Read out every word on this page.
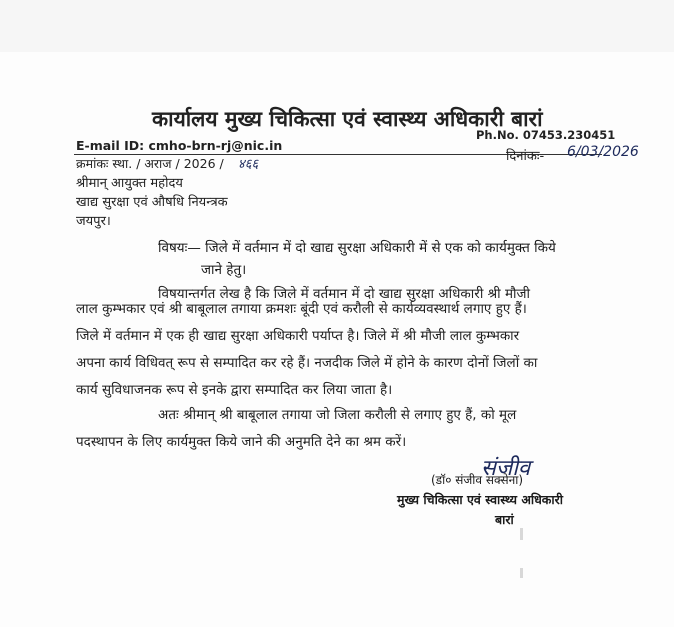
कार्यालय मुख्य चिकित्सा एवं स्वास्थ्य अधिकारी बारां
Ph.No. 07453.230451
E-mail ID: cmho-brn-rj@nic.in
क्रमांकः स्था. / अराज / 2026 / ४६६
दिनांकः- 6/03/2026
श्रीमान् आयुक्त महोदय
खाद्य सुरक्षा एवं औषधि नियन्त्रक
जयपुर।
विषयः— जिले में वर्तमान में दो खाद्य सुरक्षा अधिकारी में से एक को कार्यमुक्त किये
जाने हेतु।
विषयान्तर्गत लेख है कि जिले में वर्तमान में दो खाद्य सुरक्षा अधिकारी श्री मौजी
लाल कुम्भकार एवं श्री बाबूलाल तगाया क्रमशः बूंदी एवं करौली से कार्यव्यवस्थार्थ लगाए हुए हैं।
जिले में वर्तमान में एक ही खाद्य सुरक्षा अधिकारी पर्याप्त है। जिले में श्री मौजी लाल कुम्भकार
अपना कार्य विधिवत् रूप से सम्पादित कर रहे हैं। नजदीक जिले में होने के कारण दोनों जिलों का
कार्य सुविधाजनक रूप से इनके द्वारा सम्पादित कर लिया जाता है।
अतः श्रीमान् श्री बाबूलाल तगाया जो जिला करौली से लगाए हुए हैं, को मूल
पदस्थापन के लिए कार्यमुक्त किये जाने की अनुमति देने का श्रम करें।
संजीव
(डॉ० संजीव सक्सेना)
मुख्य चिकित्सा एवं स्वास्थ्य अधिकारी
बारां
